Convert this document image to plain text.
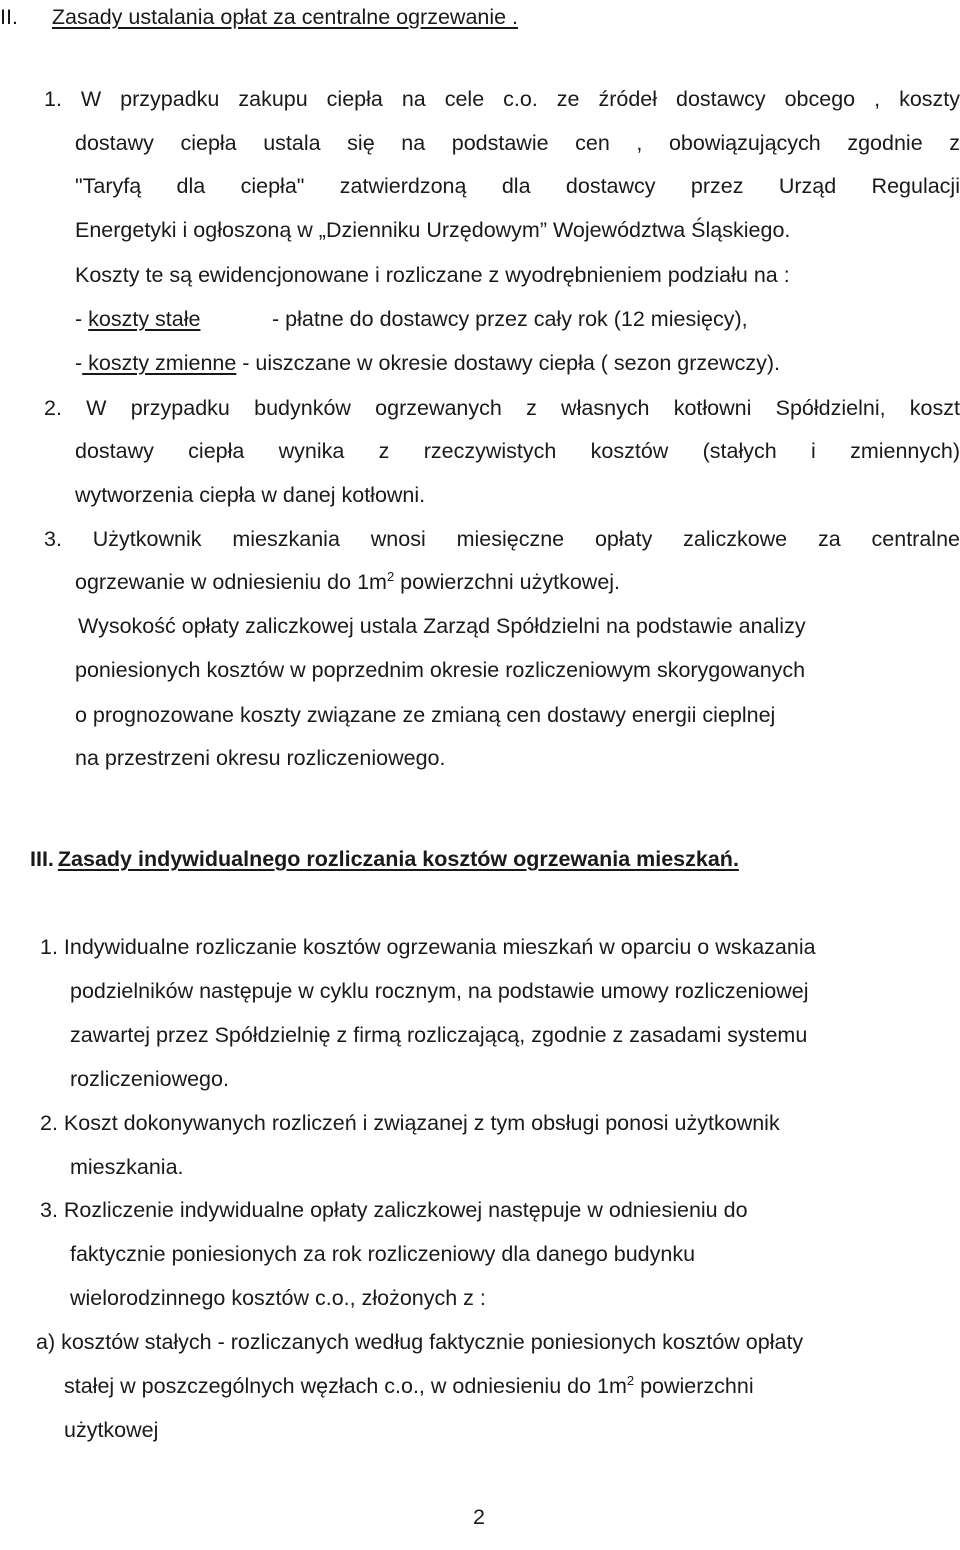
II. Zasady ustalania opłat za centralne ogrzewanie .
1. W przypadku zakupu ciepła na cele c.o. ze źródeł dostawcy obcego , koszty
dostawy ciepła ustala się na podstawie cen , obowiązujących zgodnie z
"Taryfą dla ciepła" zatwierdzoną dla dostawcy przez Urząd Regulacji
Energetyki i ogłoszoną w „Dzienniku Urzędowym” Województwa Śląskiego.
Koszty te są ewidencjonowane i rozliczane z wyodrębnieniem podziału na :
- koszty stałe	- płatne do dostawcy przez cały rok (12 miesięcy),
- koszty zmienne - uiszczane w okresie dostawy ciepła ( sezon grzewczy).
2. W przypadku budynków ogrzewanych z własnych kotłowni Spółdzielni, koszt
dostawy ciepła wynika z rzeczywistych kosztów (stałych i zmiennych)
wytworzenia ciepła w danej kotłowni.
3. Użytkownik mieszkania wnosi miesięczne opłaty zaliczkowe za centralne
ogrzewanie w odniesieniu do $1m^2$ powierzchni użytkowej.
Wysokość opłaty zaliczkowej ustala Zarząd Spółdzielni na podstawie analizy
poniesionych kosztów w poprzednim okresie rozliczeniowym skorygowanych
o prognozowane koszty związane ze zmianą cen dostawy energii cieplnej
na przestrzeni okresu rozliczeniowego.
III. Zasady indywidualnego rozliczania kosztów ogrzewania mieszkań.
1. Indywidualne rozliczanie kosztów ogrzewania mieszkań w oparciu o wskazania
podzielników następuje w cyklu rocznym, na podstawie umowy rozliczeniowej
zawartej przez Spółdzielnię z firmą rozliczającą, zgodnie z zasadami systemu
rozliczeniowego.
2. Koszt dokonywanych rozliczeń i związanej z tym obsługi ponosi użytkownik
mieszkania.
3. Rozliczenie indywidualne opłaty zaliczkowej następuje w odniesieniu do
faktycznie poniesionych za rok rozliczeniowy dla danego budynku
wielorodzinnego kosztów c.o., złożonych z :
a) kosztów stałych - rozliczanych według faktycznie poniesionych kosztów opłaty
stałej w poszczególnych węzłach c.o., w odniesieniu do $1m^2$ powierzchni
użytkowej
2
